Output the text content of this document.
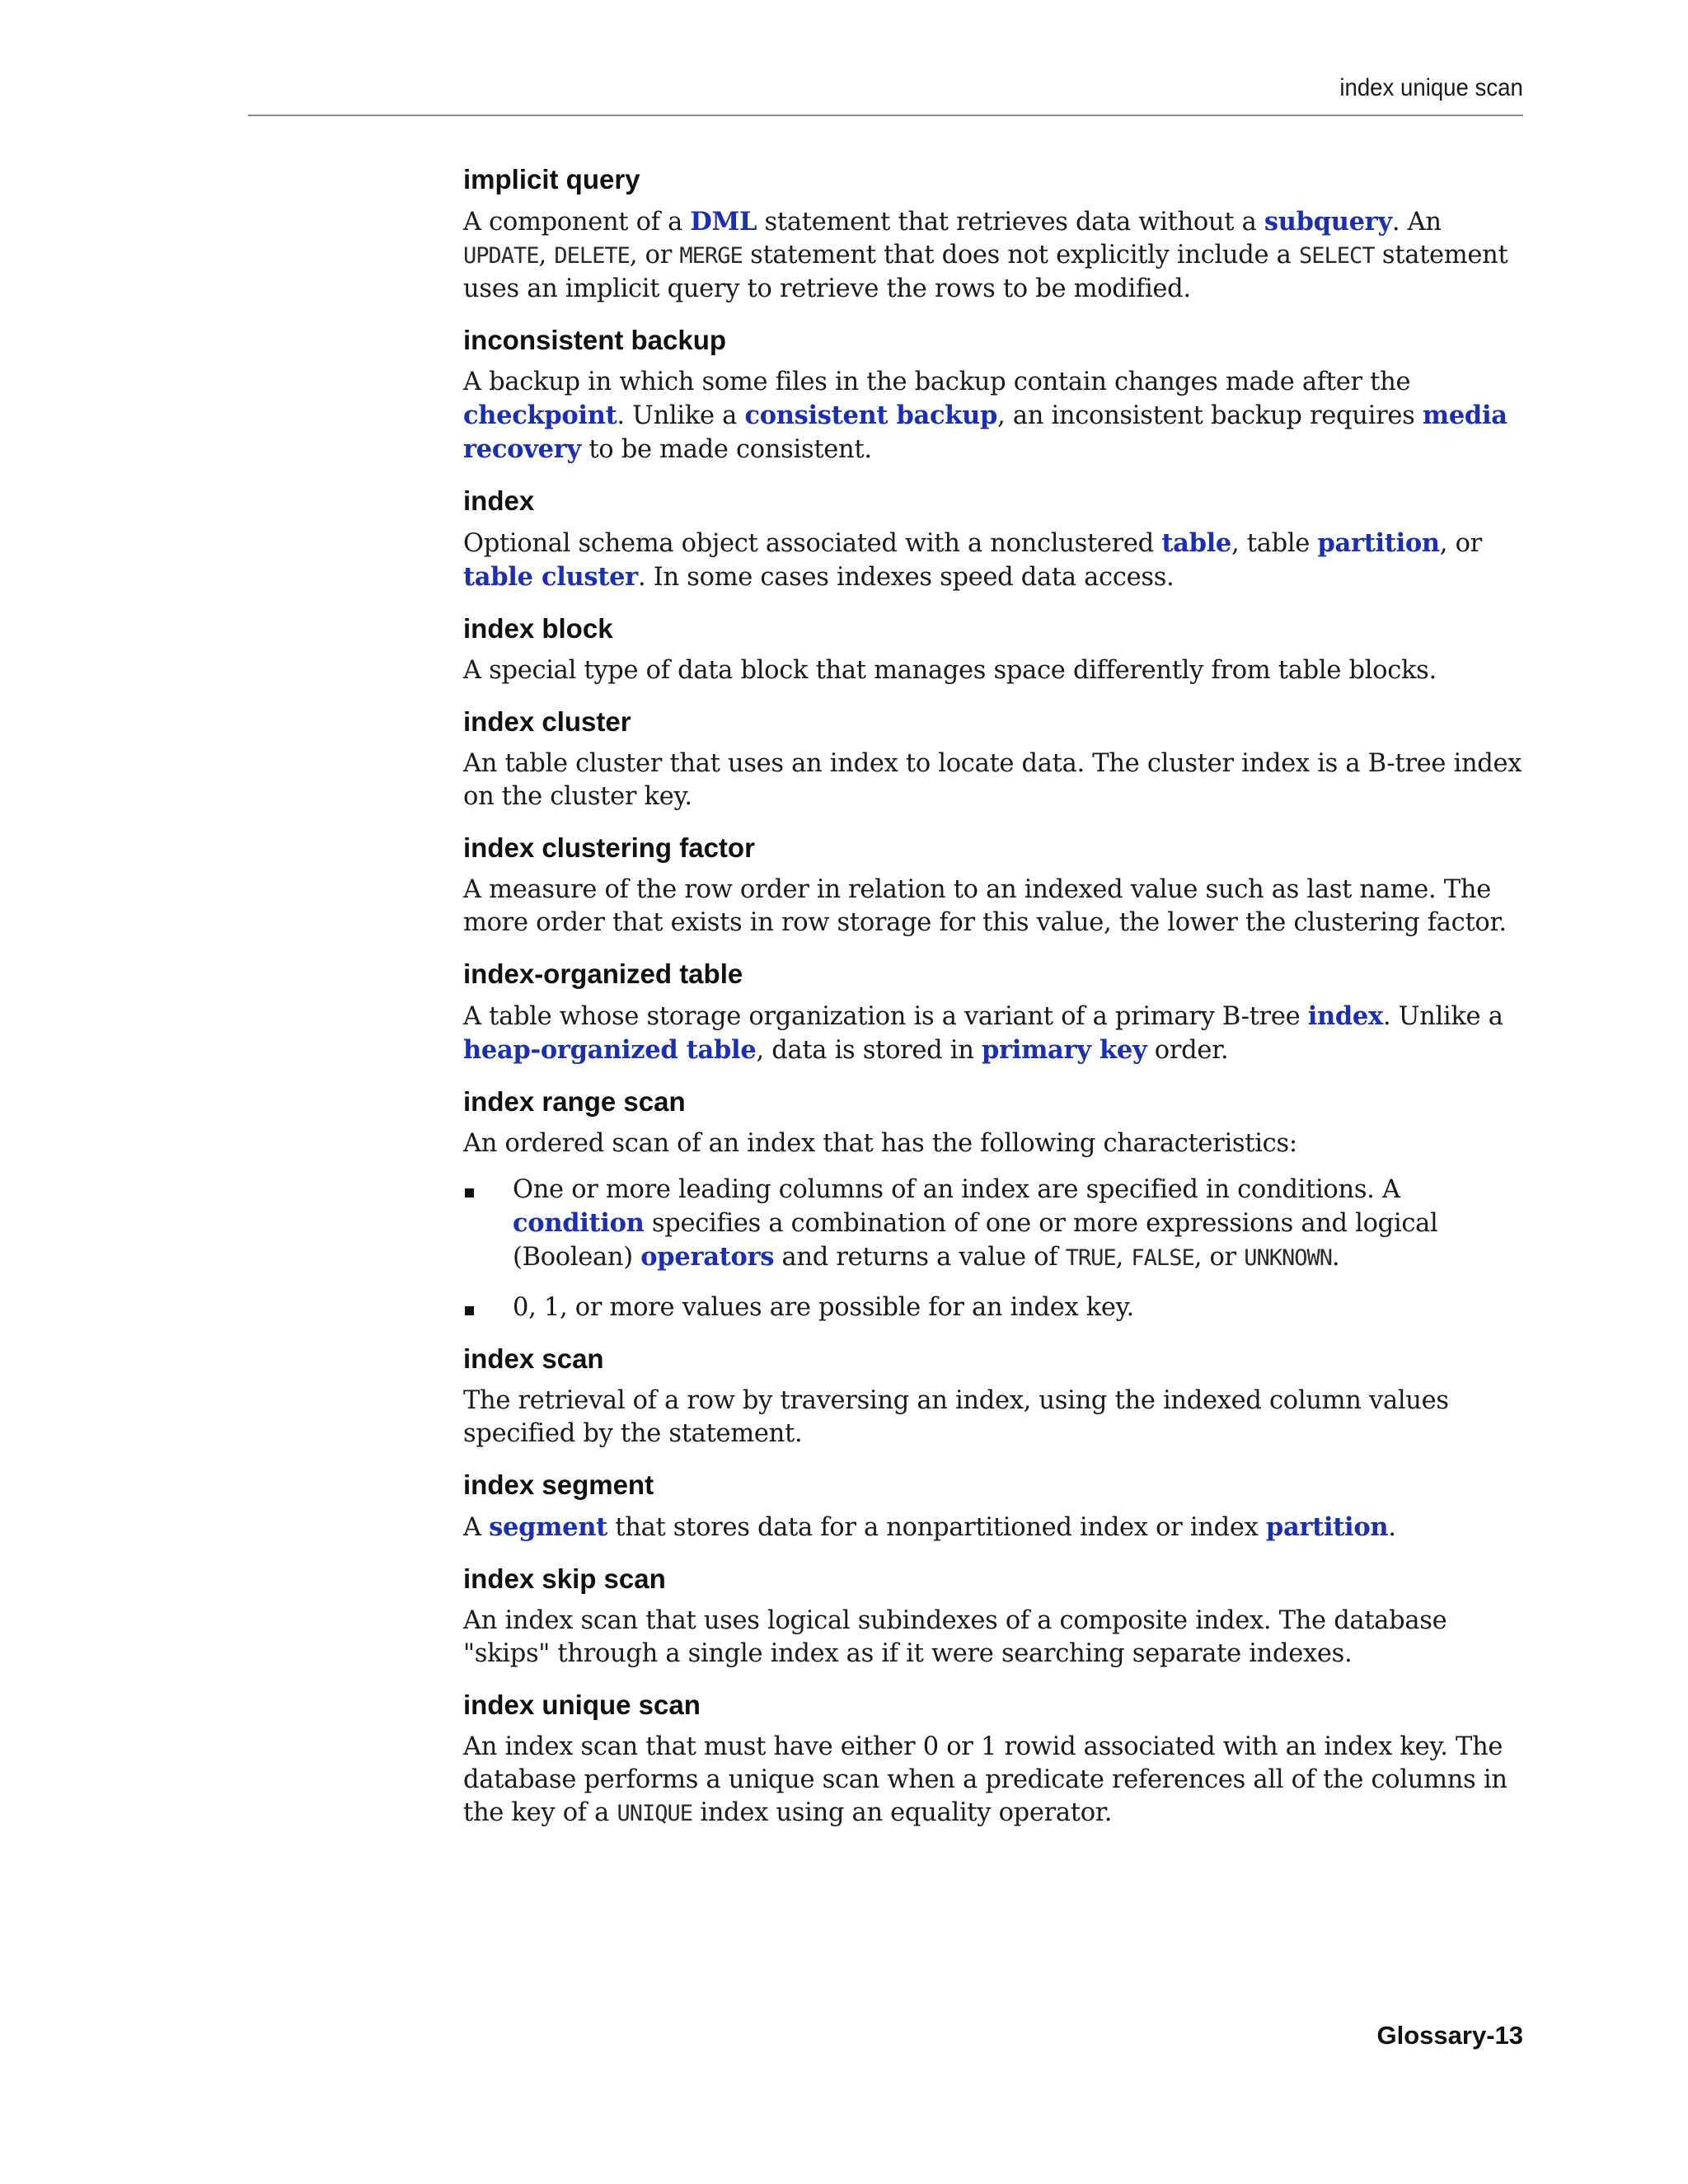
index unique scan
implicit query

A component of a DML statement that retrieves data without a subquery. An UPDATE, DELETE, or MERGE statement that does not explicitly include a SELECT statement uses an implicit query to retrieve the rows to be modified.

inconsistent backup

A backup in which some files in the backup contain changes made after the checkpoint. Unlike a consistent backup, an inconsistent backup requires media recovery to be made consistent.

index

Optional schema object associated with a nonclustered table, table partition, or table cluster. In some cases indexes speed data access.

index block

A special type of data block that manages space differently from table blocks.

index cluster

An table cluster that uses an index to locate data. The cluster index is a B-tree index on the cluster key.

index clustering factor

A measure of the row order in relation to an indexed value such as last name. The more order that exists in row storage for this value, the lower the clustering factor.

index-organized table

A table whose storage organization is a variant of a primary B-tree index. Unlike a heap-organized table, data is stored in primary key order.

index range scan

An ordered scan of an index that has the following characteristics:

One or more leading columns of an index are specified in conditions. A condition specifies a combination of one or more expressions and logical (Boolean) operators and returns a value of TRUE, FALSE, or UNKNOWN.
0, 1, or more values are possible for an index key.
index scan

The retrieval of a row by traversing an index, using the indexed column values specified by the statement.

index segment

A segment that stores data for a nonpartitioned index or index partition.

index skip scan

An index scan that uses logical subindexes of a composite index. The database "skips" through a single index as if it were searching separate indexes.

index unique scan

An index scan that must have either 0 or 1 rowid associated with an index key. The database performs a unique scan when a predicate references all of the columns in the key of a UNIQUE index using an equality operator.

Glossary-13
